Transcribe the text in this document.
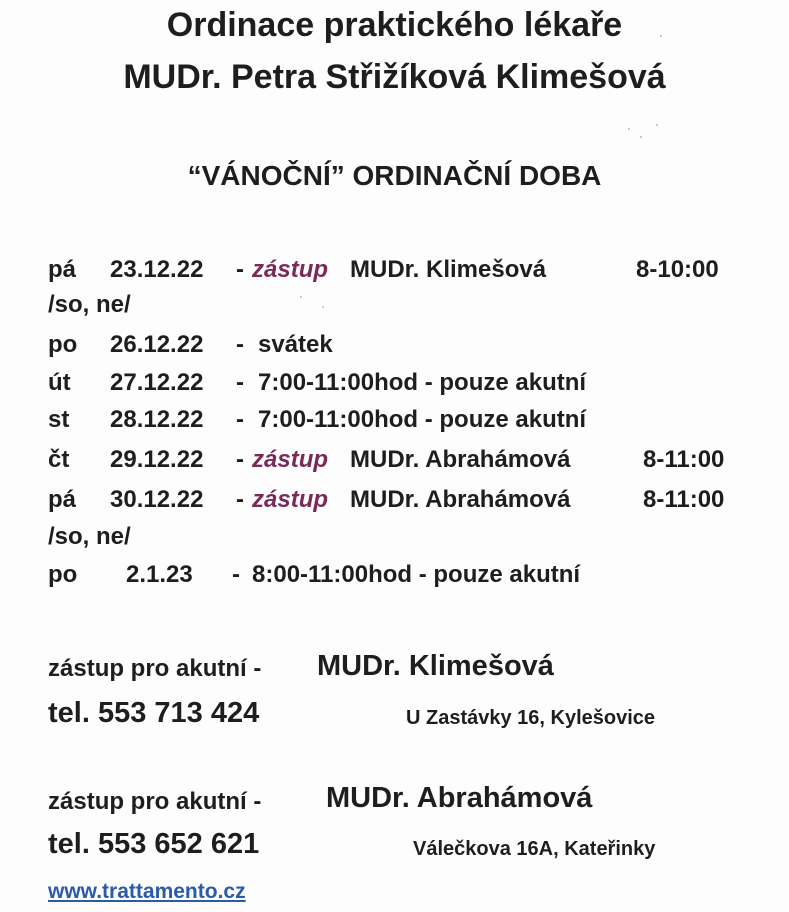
Ordinace praktického lékaře
MUDr. Petra Střižíková Klimešová
“VÁNOČNÍ” ORDINAČNÍ DOBA
pá 23.12.22 - zástup MUDr. Klimešová	8-10:00
/so, ne/
po 26.12.22 - svátek
út 27.12.22 - 7:00-11:00hod - pouze akutní
st 28.12.22 - 7:00-11:00hod - pouze akutní
čt 29.12.22 - zástup MUDr. Abrahámová	8-11:00
pá 30.12.22 - zástup MUDr. Abrahámová	8-11:00
/so, ne/
po 2.1.23 - 8:00-11:00hod - pouze akutní
zástup pro akutní - MUDr. Klimešová
tel. 553 713 424	U Zastávky 16, Kylešovice
zástup pro akutní - MUDr. Abrahámová
tel. 553 652 621	Válečkova 16A, Kateřinky
www.trattamento.cz
